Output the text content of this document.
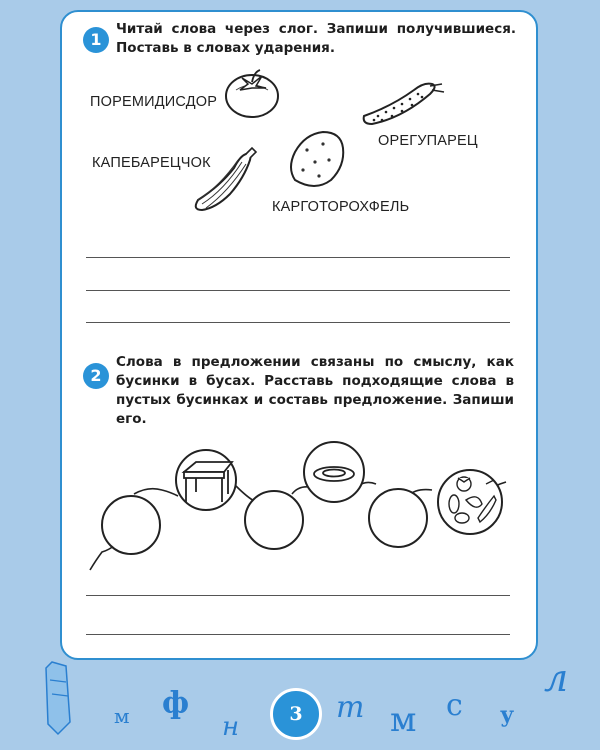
1
Читай слова через слог. Запиши получившиеся. Поставь в словах ударения.
ПОРЕМИДИСДОР
КАПЕБАРЕЦЧОК
ОРЕГУПАРЕЦ
КАРГОТОРОХФЕЛЬ
2
Слова в предложении связаны по смыслу, как бусинки в бусах. Расставь подходящие слова в пустых бусинках и составь предложение. Запиши его.
3
м ф
н
т м с у
л
